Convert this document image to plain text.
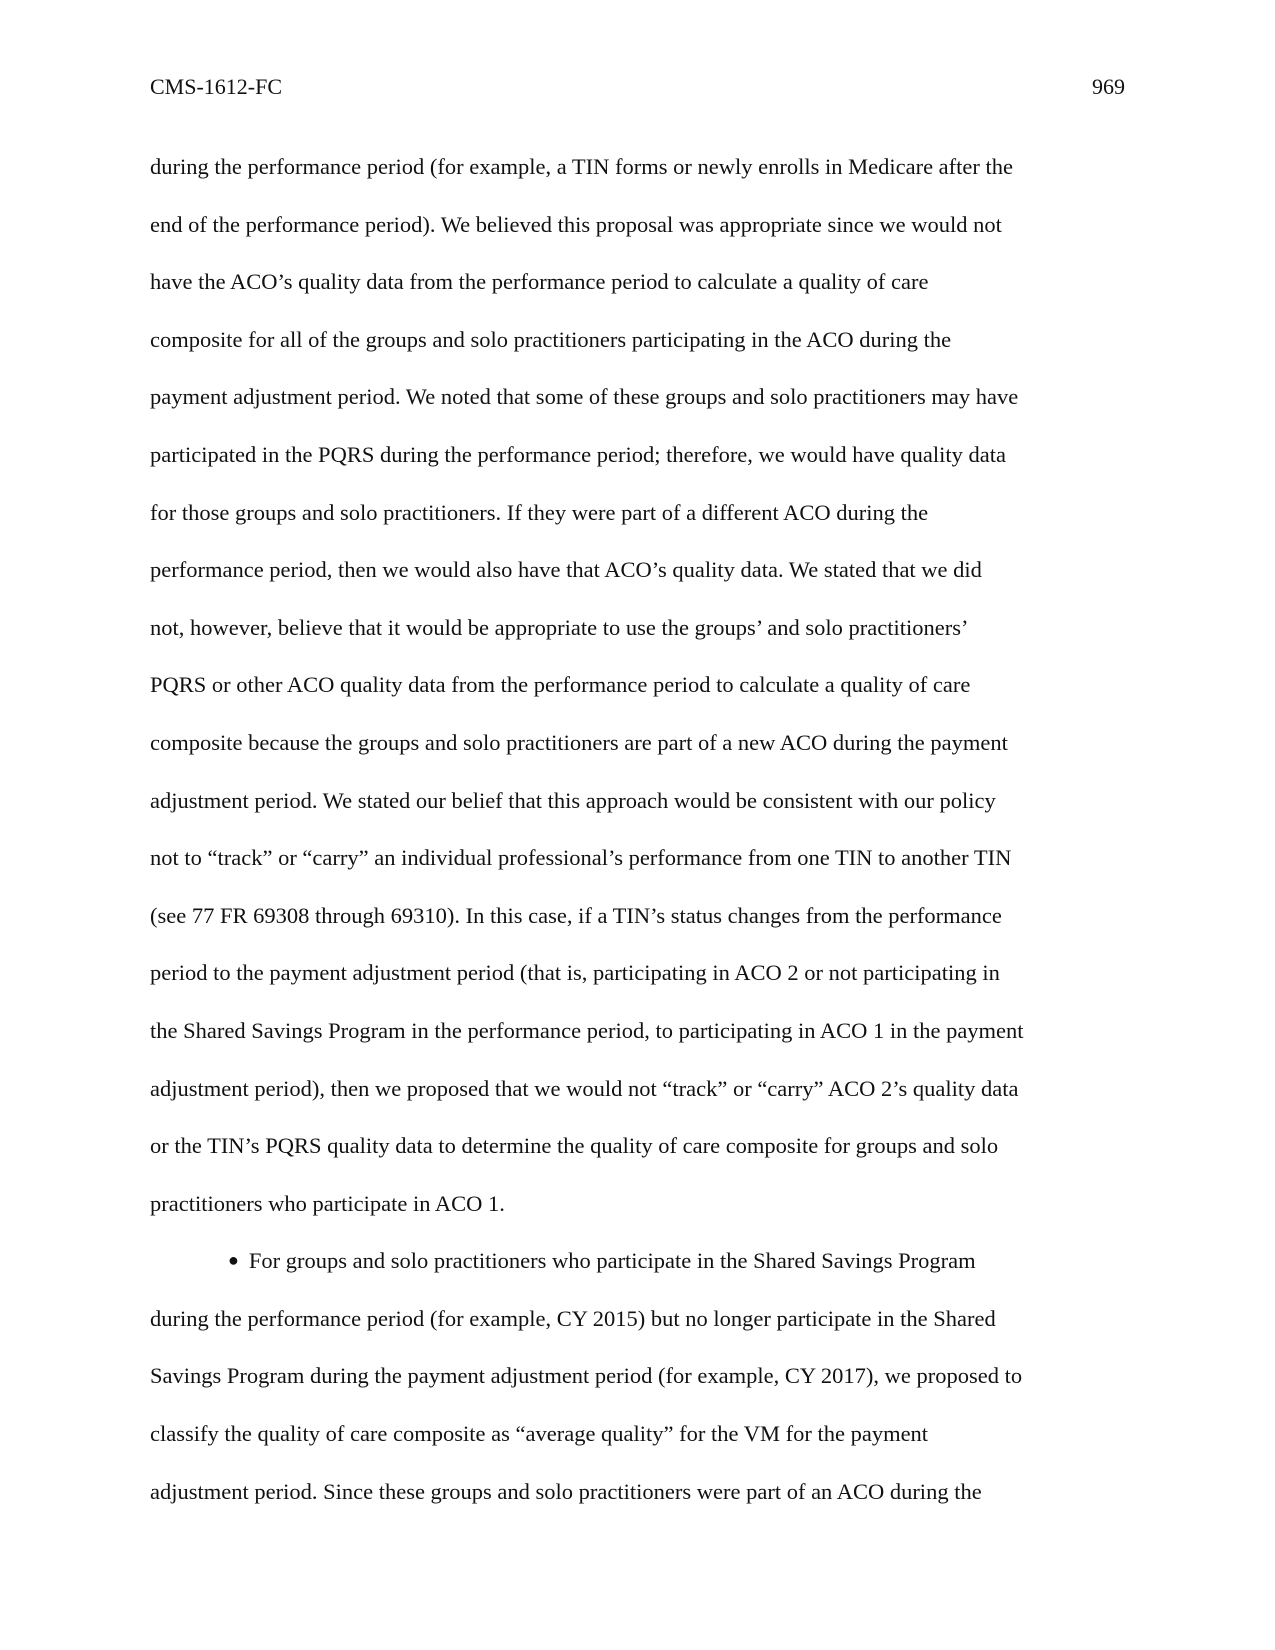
CMS-1612-FC	969
during the performance period (for example, a TIN forms or newly enrolls in Medicare after the
end of the performance period). We believed this proposal was appropriate since we would not
have the ACO’s quality data from the performance period to calculate a quality of care
composite for all of the groups and solo practitioners participating in the ACO during the
payment adjustment period. We noted that some of these groups and solo practitioners may have
participated in the PQRS during the performance period; therefore, we would have quality data
for those groups and solo practitioners. If they were part of a different ACO during the
performance period, then we would also have that ACO’s quality data. We stated that we did
not, however, believe that it would be appropriate to use the groups’ and solo practitioners’
PQRS or other ACO quality data from the performance period to calculate a quality of care
composite because the groups and solo practitioners are part of a new ACO during the payment
adjustment period. We stated our belief that this approach would be consistent with our policy
not to “track” or “carry” an individual professional’s performance from one TIN to another TIN
(see 77 FR 69308 through 69310). In this case, if a TIN’s status changes from the performance
period to the payment adjustment period (that is, participating in ACO 2 or not participating in
the Shared Savings Program in the performance period, to participating in ACO 1 in the payment
adjustment period), then we proposed that we would not “track” or “carry” ACO 2’s quality data
or the TIN’s PQRS quality data to determine the quality of care composite for groups and solo
practitioners who participate in ACO 1.
● For groups and solo practitioners who participate in the Shared Savings Program
during the performance period (for example, CY 2015) but no longer participate in the Shared
Savings Program during the payment adjustment period (for example, CY 2017), we proposed to
classify the quality of care composite as “average quality” for the VM for the payment
adjustment period. Since these groups and solo practitioners were part of an ACO during the
